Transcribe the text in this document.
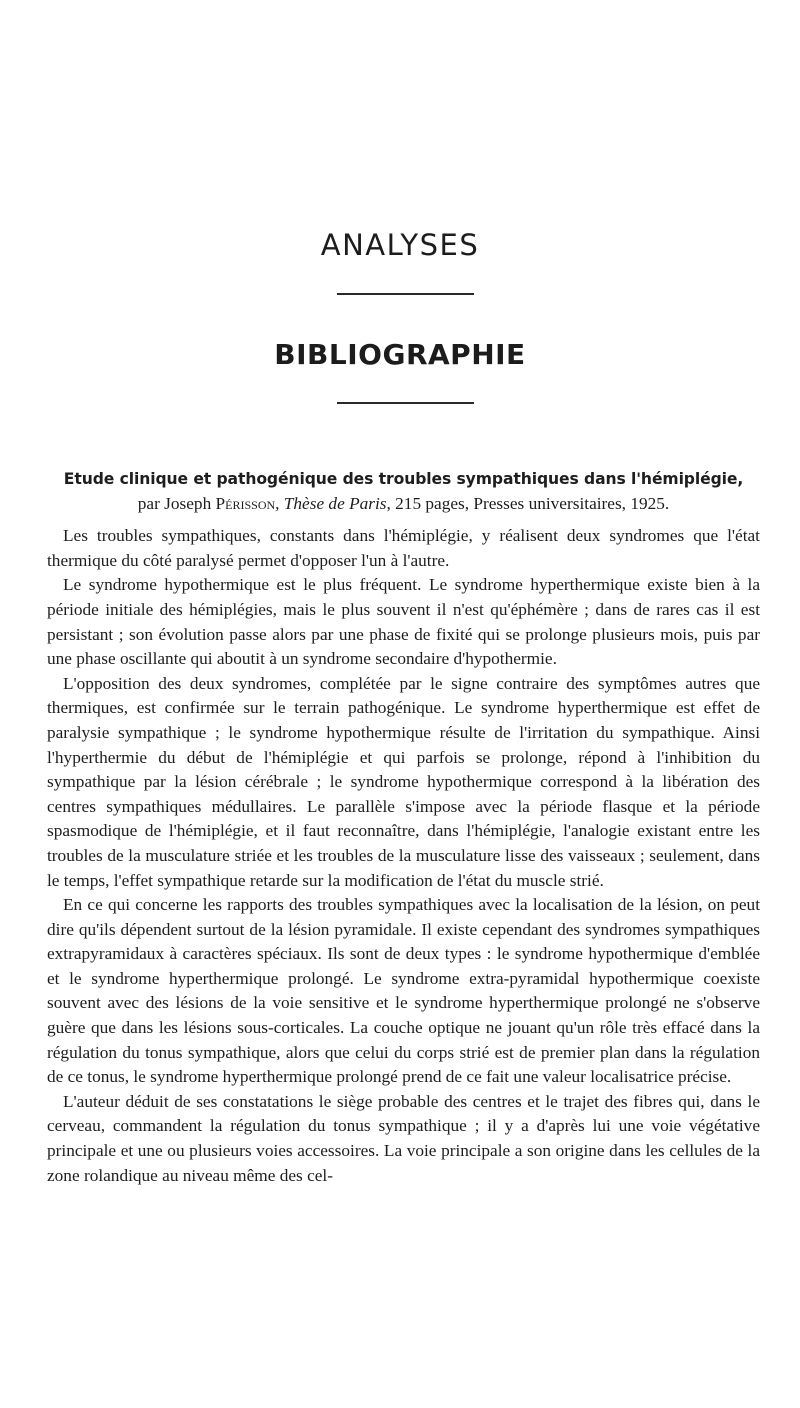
ANALYSES
BIBLIOGRAPHIE

Etude clinique et pathogénique des troubles sympathiques dans l'hémiplégie,

par Joseph Périsson, Thèse de Paris, 215 pages, Presses universitaires, 1925.

Les troubles sympathiques, constants dans l'hémiplégie, y réalisent deux syndromes que l'état thermique du côté paralysé permet d'opposer l'un à l'autre.

Le syndrome hypothermique est le plus fréquent. Le syndrome hyperthermique existe bien à la période initiale des hémiplégies, mais le plus souvent il n'est qu'éphémère ; dans de rares cas il est persistant ; son évolution passe alors par une phase de fixité qui se prolonge plusieurs mois, puis par une phase oscillante qui aboutit à un syndrome secondaire d'hypothermie.

L'opposition des deux syndromes, complétée par le signe contraire des symptômes autres que thermiques, est confirmée sur le terrain pathogénique. Le syndrome hyperthermique est effet de paralysie sympathique ; le syndrome hypothermique résulte de l'irritation du sympathique. Ainsi l'hyperthermie du début de l'hémiplégie et qui parfois se prolonge, répond à l'inhibition du sympathique par la lésion cérébrale ; le syndrome hypothermique correspond à la libération des centres sympathiques médullaires. Le parallèle s'impose avec la période flasque et la période spasmodique de l'hémiplégie, et il faut reconnaître, dans l'hémiplégie, l'analogie existant entre les troubles de la musculature striée et les troubles de la musculature lisse des vaisseaux ; seulement, dans le temps, l'effet sympathique retarde sur la modification de l'état du muscle strié.

En ce qui concerne les rapports des troubles sympathiques avec la localisation de la lésion, on peut dire qu'ils dépendent surtout de la lésion pyramidale. Il existe cependant des syndromes sympathiques extrapyramidaux à caractères spéciaux. Ils sont de deux types : le syndrome hypothermique d'emblée et le syndrome hyperthermique prolongé. Le syndrome extra-pyramidal hypothermique coexiste souvent avec des lésions de la voie sensitive et le syndrome hyperthermique prolongé ne s'observe guère que dans les lésions sous-corticales. La couche optique ne jouant qu'un rôle très effacé dans la régulation du tonus sympathique, alors que celui du corps strié est de premier plan dans la régulation de ce tonus, le syndrome hyperthermique prolongé prend de ce fait une valeur localisatrice précise.

L'auteur déduit de ses constatations le siège probable des centres et le trajet des fibres qui, dans le cerveau, commandent la régulation du tonus sympathique ; il y a d'après lui une voie végétative principale et une ou plusieurs voies accessoires. La voie principale a son origine dans les cellules de la zone rolandique au niveau même des cel-
